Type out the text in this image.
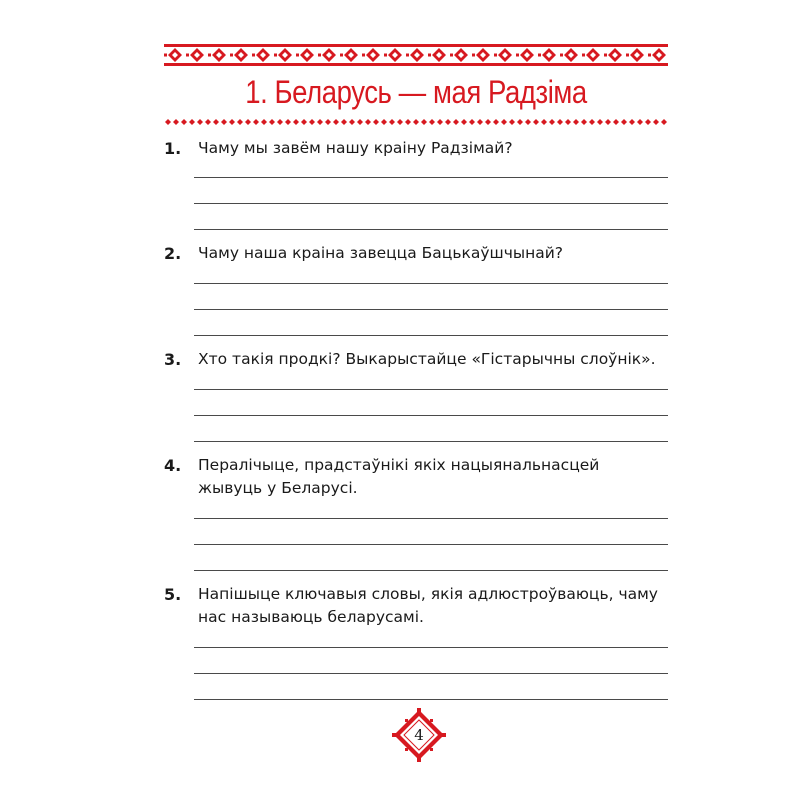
1. Беларусь — мая Радзіма
1. Чаму мы завём нашу краіну Радзімай?
2. Чаму наша краіна завецца Бацькаўшчынай?
3. Хто такія продкі? Выкарыстайце «Гістарычны слоўнік».
4. Пералічыце, прадстаўнікі якіх нацыянальнасцей жывуць у Беларусі.
5. Напішыце ключавыя словы, якія адлюстроўваюць, чаму нас называюць беларусамі.
4
